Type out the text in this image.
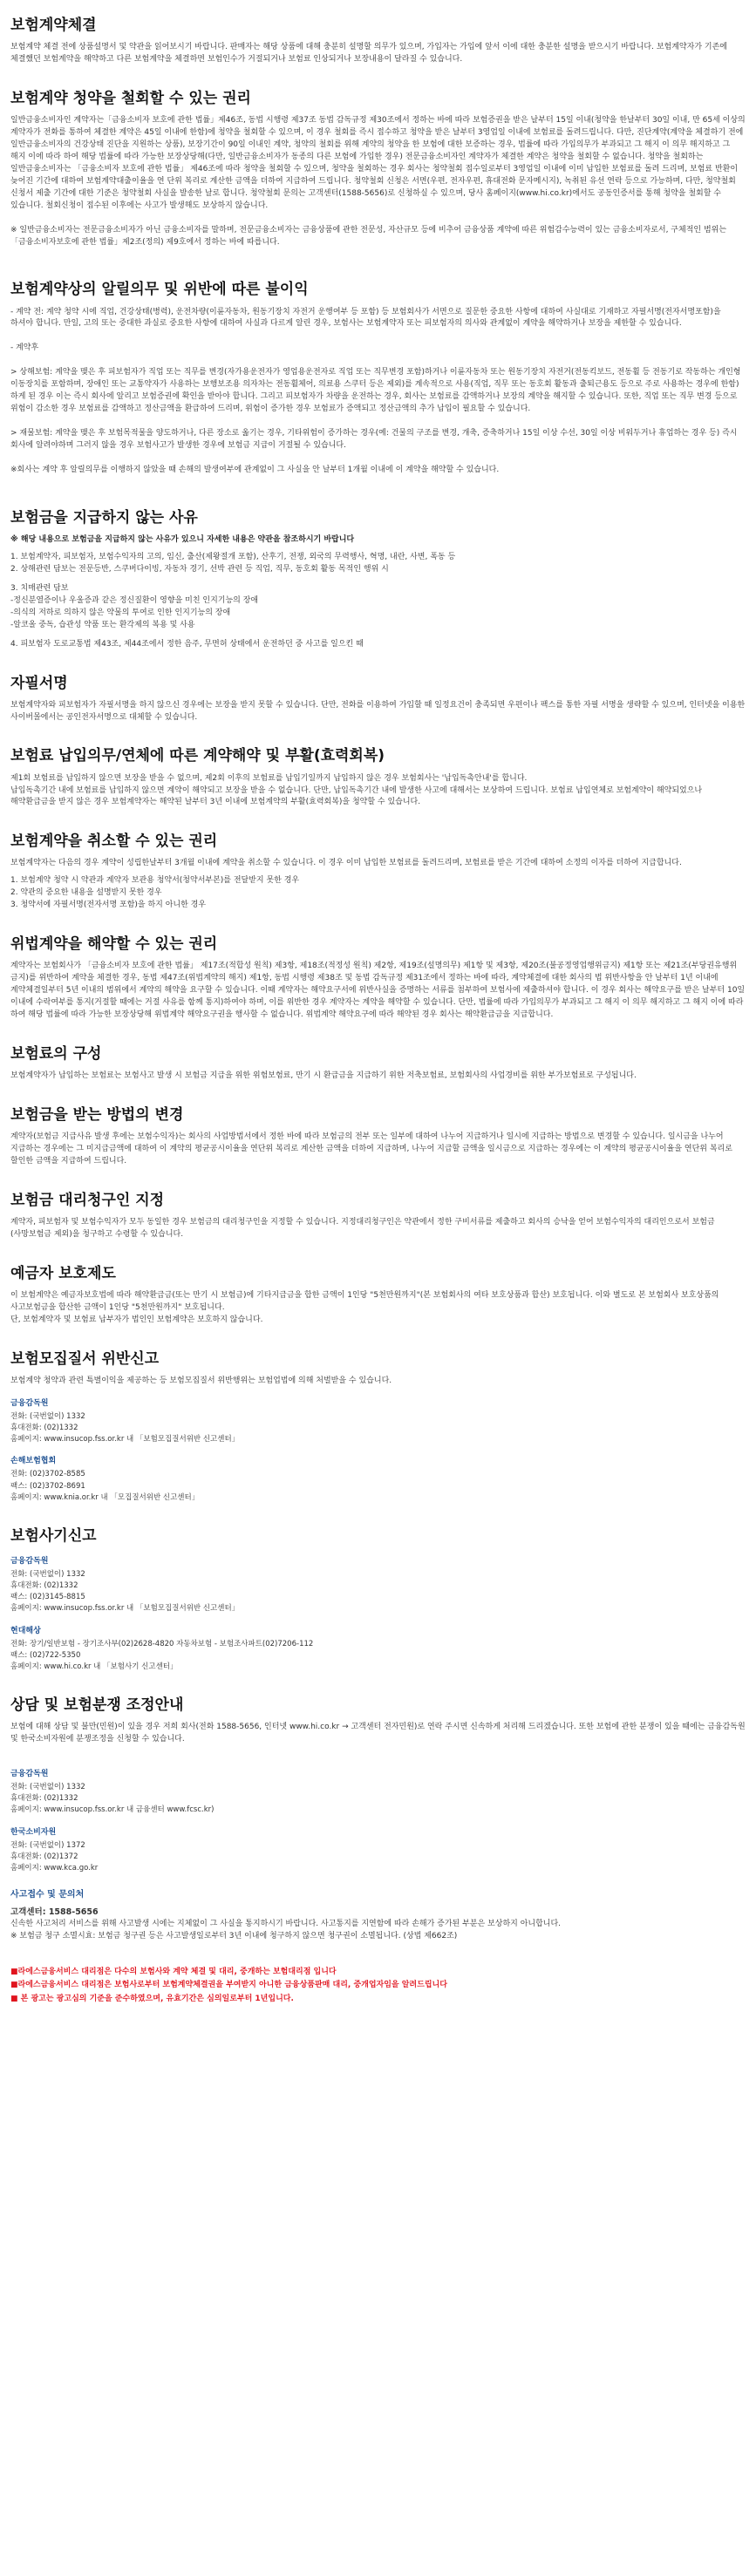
보험계약체결

보험계약 체결 전에 상품설명서 및 약관을 읽어보시기 바랍니다. 판매자는 해당 상품에 대해 충분히 설명할 의무가 있으며, 가입자는 가입에 앞서 이에 대한 충분한 설명을 받으시기 바랍니다. 보험계약자가 기존에 체결했던 보험계약을 해약하고 다른 보험계약을 체결하면 보험인수가 거절되거나 보험료 인상되거나 보장내용이 달라질 수 있습니다.

보험계약 청약을 철회할 수 있는 권리

일반금융소비자인 계약자는「금융소비자 보호에 관한 법률」제46조, 동법 시행령 제37조 동법 감독규정 제30조에서 정하는 바에 따라 보험증권을 받은 날부터 15일 이내(청약을 한날부터 30일 이내, 만 65세 이상의 계약자가 전화를 통하여 체결한 계약은 45일 이내에 한함)에 청약을 철회할 수 있으며, 이 경우 철회를 즉시 접수하고 청약을 받은 날부터 3영업일 이내에 보험료를 돌려드립니다. 다만, 진단계약(계약을 체결하기 전에 일반금융소비자의 건강상태 진단을 지원하는 상품), 보장기간이 90일 이내인 계약, 청약의 철회를 위해 계약의 청약을 한 보험에 대한 보증하는 경우, 법률에 따라 가입의무가 부과되고 그 해지 이 의무 해지하고 그 해지 이에 따라 하여 해당 법률에 따라 가능한 보장상당해(다만, 일반금융소비자가 동종의 다른 보험에 가입한 경우) 전문금융소비자인 계약자가 체결한 계약은 청약을 철회할 수 없습니다. 청약을 철회하는 일반금융소비자는 「금융소비자 보호에 관한 법률」 제46조에 따라 청약을 철회할 수 있으며, 청약을 철회하는 경우 회사는 청약철회 접수일로부터 3영업일 이내에 이미 납입한 보험료를 돌려 드리며, 보험료 반환이 늦어진 기간에 대하여 보험계약대출이율을 연 단위 복리로 계산한 금액을 더하여 지급하여 드립니다. 청약철회 신청은 서면(우편, 전자우편, 휴대전화 문자메시지), 녹취된 유선 연락 등으로 가능하며, 다만, 청약철회 신청서 제출 기간에 대한 기준은 청약철회 사실을 발송한 날로 합니다. 청약철회 문의는 고객센터(1588-5656)로 신청하실 수 있으며, 당사 홈페이지(www.hi.co.kr)에서도 공동인증서를 통해 청약을 철회할 수 있습니다. 철회신청이 접수된 이후에는 사고가 발생해도 보상하지 않습니다.

※ 일반금융소비자는 전문금융소비자가 아닌 금융소비자를 말하며, 전문금융소비자는 금융상품에 관한 전문성, 자산규모 등에 비추어 금융상품 계약에 따른 위험감수능력이 있는 금융소비자로서, 구체적인 범위는 「금융소비자보호에 관한 법률」제2조(정의) 제9호에서 정하는 바에 따릅니다.

보험계약상의 알릴의무 및 위반에 따른 불이익

- 계약 전: 계약 청약 시에 직업, 건강상태(병력), 운전차량(이륜자동차, 원동기장치 자전거 운행여부 등 포함) 등 보험회사가 서면으로 질문한 중요한 사항에 대하여 사실대로 기재하고 자필서명(전자서명포함)을 하셔야 합니다. 만일, 고의 또는 중대한 과실로 중요한 사항에 대하여 사실과 다르게 알린 경우, 보험사는 보험계약자 또는 피보험자의 의사와 관계없이 계약을 해약하거나 보장을 제한할 수 있습니다.

- 계약후

> 상해보험: 계약을 맺은 후 피보험자가 직업 또는 직무를 변경(자가용운전자가 영업용운전자로 직업 또는 직무변경 포함)하거나 이륜자동차 또는 원동기장치 자전거(전동킥보드, 전동휠 등 전동기로 작동하는 개인형 이동장치를 포함하며, 장애인 또는 교통약자가 사용하는 보행보조용 의자차는 전동휠체어, 의료용 스쿠터 등은 제외)를 계속적으로 사용(직업, 직무 또는 동호회 활동과 출퇴근용도 등으로 주로 사용하는 경우에 한함)하게 된 경우 이는 즉시 회사에 알리고 보험증권에 확인을 받아야 합니다. 그리고 피보험자가 차량을 운전하는 경우, 회사는 보험료를 감액하거나 보장의 계약을 해지할 수 있습니다. 또한, 직업 또는 직무 변경 등으로 위험이 감소한 경우 보험료를 감액하고 정산금액을 환급하여 드리며, 위험이 증가한 경우 보험료가 증액되고 정산금액의 추가 납입이 필요할 수 있습니다.

> 재물보험: 계약을 맺은 후 보험목적물을 양도하거나, 다른 장소로 옮기는 경우, 기타위험이 증가하는 경우(예: 건물의 구조를 변경, 개축, 증축하거나 15일 이상 수선, 30일 이상 비워두거나 휴업하는 경우 등) 즉시 회사에 알려야하며 그러지 않을 경우 보험사고가 발생한 경우에 보험금 지급이 거절될 수 있습니다.

※회사는 계약 후 알릴의무를 이행하지 않았을 때 손해의 발생여부에 관계없이 그 사실을 안 날부터 1개월 이내에 이 계약을 해약할 수 있습니다.

보험금을 지급하지 않는 사유

※ 해당 내용으로 보험금을 지급하지 않는 사유가 있으니 자세한 내용은 약관을 참조하시기 바랍니다

1. 보험계약자, 피보험자, 보험수익자의 고의, 임신, 출산(제왕절개 포함), 산후기, 전쟁, 외국의 무력행사, 혁명, 내란, 사변, 폭동 등

2. 상해관련 담보는 전문등반, 스쿠버다이빙, 자동차 경기, 선박 관련 등 직업, 직무, 동호회 활동 목적인 행위 시

3. 치매관련 담보

-정신분열증이나 우울증과 같은 정신질환이 영향을 미친 인지기능의 장애

-의식의 저하로 의하지 않은 약물의 투여로 인한 인지기능의 장애

-알코올 중독, 습관성 약품 또는 환각제의 복용 및 사용

4. 피보험자 도로교통법 제43조, 제44조에서 정한 음주, 무면허 상태에서 운전하던 중 사고를 일으킨 때

자필서명

보험계약자와 피보험자가 자필서명을 하지 않으신 경우에는 보장을 받지 못할 수 있습니다. 단만, 전화를 이용하여 가입할 때 일정요건이 충족되면 우편이나 팩스를 통한 자필 서명을 생략할 수 있으며, 인터넷을 이용한 사이버몰에서는 공인전자서명으로 대체할 수 있습니다.

보험료 납입의무/연체에 따른 계약해약 및 부활(효력회복)

제1회 보험료를 납입하지 않으면 보장을 받을 수 없으며, 제2회 이후의 보험료를 납입기일까지 납입하지 않은 경우 보험회사는 '납입독촉안내'를 합니다.

납입독촉기간 내에 보험료를 납입하지 않으면 계약이 해약되고 보장을 받을 수 없습니다. 단만, 납입독촉기간 내에 발생한 사고에 대해서는 보상하여 드립니다. 보험료 납입연체로 보험계약이 해약되었으나 해약환급금을 받지 않은 경우 보험계약자는 해약된 날부터 3년 이내에 보험계약의 부활(효력회복)을 청약할 수 있습니다.

보험계약을 취소할 수 있는 권리

보험계약자는 다음의 경우 계약이 성립한날부터 3개월 이내에 계약을 취소할 수 있습니다. 이 경우 이미 납입한 보험료를 돌려드리며, 보험료를 받은 기간에 대하여 소정의 이자를 더하여 지급합니다.

1. 보험계약 청약 시 약관과 계약자 보관용 청약서(청약서부본)를 전달받지 못한 경우

2. 약관의 중요한 내용을 설명받지 못한 경우

3. 청약서에 자필서명(전자서명 포함)을 하지 아니한 경우

위법계약을 해약할 수 있는 권리

계약자는 보험회사가 「금융소비자 보호에 관한 법률」 제17조(적합성 원칙) 제3항, 제18조(적정성 원칙) 제2항, 제19조(설명의무) 제1항 및 제3항, 제20조(불공정영업행위금지) 제1항 또는 제21조(부당권유행위 금지)를 위반하여 계약을 체결한 경우, 동법 제47조(위법계약의 해지) 제1항, 동법 시행령 제38조 및 동법 감독규정 제31조에서 정하는 바에 따라, 계약체결에 대한 회사의 법 위반사항을 안 날부터 1년 이내에 계약체결일부터 5년 이내의 범위에서 계약의 해약을 요구할 수 있습니다. 이때 계약자는 해약요구서에 위반사실을 증명하는 서류를 첨부하여 보험사에 제출하셔야 합니다. 이 경우 회사는 해약요구를 받은 날부터 10일 이내에 수락여부를 통지(거절할 때에는 거절 사유를 함께 통지)하여야 하며, 이를 위반한 경우 계약자는 계약을 해약할 수 있습니다. 단만, 법률에 따라 가입의무가 부과되고 그 해지 이 의무 해지하고 그 해지 이에 따라 하여 해당 법률에 따라 가능한 보장상당해 위법계약 해약요구권을 행사할 수 없습니다. 위법계약 해약요구에 따라 해약된 경우 회사는 해약환급금을 지급합니다.

보험료의 구성

보험계약자가 납입하는 보험료는 보험사고 발생 시 보험금 지급을 위한 위험보험료, 만기 시 환급금을 지급하기 위한 저축보험료, 보험회사의 사업경비를 위한 부가보험료로 구성됩니다.

보험금을 받는 방법의 변경

계약자(보험금 지급사유 발생 후에는 보험수익자)는 회사의 사업방법서에서 정한 바에 따라 보험금의 전부 또는 일부에 대하여 나누어 지급하거나 일시에 지급하는 방법으로 변경할 수 있습니다. 일시금을 나누어 지급하는 경우에는 그 미지급금액에 대하여 이 계약의 평균공시이율을 연단위 복리로 계산한 금액을 더하여 지급하며, 나누어 지급할 금액을 일시금으로 지급하는 경우에는 이 계약의 평균공시이율을 연단위 복리로 할인한 금액을 지급하여 드립니다.

보험금 대리청구인 지정

계약자, 피보험자 및 보험수익자가 모두 동일한 경우 보험금의 대리청구인을 지정할 수 있습니다. 지정대리청구인은 약관에서 정한 구비서류를 제출하고 회사의 승낙을 얻어 보험수익자의 대리인으로서 보험금(사망보험금 제외)을 청구하고 수령할 수 있습니다.

예금자 보호제도

이 보험계약은 예금자보호법에 따라 해약환급금(또는 만기 시 보험금)에 기타지급금을 합한 금액이 1인당 "5천만원까지"(본 보험회사의 여타 보호상품과 합산) 보호됩니다. 이와 별도로 본 보험회사 보호상품의 사고보험금을 합산한 금액이 1인당 "5천만원까지" 보호됩니다.

단, 보험계약자 및 보험료 납부자가 법인인 보험계약은 보호하지 않습니다.

보험모집질서 위반신고

보험계약 청약과 관련 특별이익을 제공하는 등 보험모집질서 위반행위는 보험업법에 의해 처벌받을 수 있습니다.

금융감독원

전화: (국번없이) 1332

휴대전화: (02)1332

홈페이지: www.insucop.fss.or.kr 내 「보험모집질서위반 신고센터」

손해보험협회

전화: (02)3702-8585

팩스: (02)3702-8691

홈페이지: www.knia.or.kr 내 「모집질서위반 신고센터」

보험사기신고
금융감독원

전화: (국번없이) 1332

휴대전화: (02)1332

팩스: (02)3145-8815

홈페이지: www.insucop.fss.or.kr 내 「보험모집질서위반 신고센터」

현대해상

전화: 장기/일반보험 - 장기조사부(02)2628-4820 자동차보험 - 보험조사파트(02)7206-112

팩스: (02)722-5350

홈페이지: www.hi.co.kr 내 「보험사기 신고센터」

상담 및 보험분쟁 조정안내

보험에 대해 상담 및 불만(민원)이 있을 경우 저희 회사(전화 1588-5656, 인터넷 www.hi.co.kr → 고객센터 전자민원)로 연락 주시면 신속하게 처리해 드리겠습니다. 또한 보험에 관한 분쟁이 있을 때에는 금융감독원 및 한국소비자원에 분쟁조정을 신청할 수 있습니다.

금융감독원

전화: (국번없이) 1332

휴대전화: (02)1332

홈페이지: www.insucop.fss.or.kr 내 금융센터 www.fcsc.kr)

한국소비자원

전화: (국번없이) 1372

휴대전화: (02)1372

홈페이지: www.kca.go.kr

사고접수 및 문의처
고객센터: 1588-5656

신속한 사고처리 서비스를 위해 사고발생 시에는 지체없이 그 사실을 통지하시기 바랍니다. 사고통지를 지연함에 따라 손해가 증가된 부분은 보상하지 아니합니다.

※ 보험금 청구 소멸시효: 보험금 청구권 등은 사고발생일로부터 3년 이내에 청구하지 않으면 청구권이 소멸됩니다. (상법 제662조)

■라에스금융서비스 대리점은 다수의 보험사와 계약 체결 및 대리, 중개하는 보험대리점 입니다

■라에스금융서비스 대리점은 보험사로부터 보험계약체결권을 부여받지 아니한 금융상품판매 대리, 중개업자임을 알려드립니다

■ 본 광고는 광고심의 기준을 준수하였으며, 유효기간은 심의일로부터 1년입니다.
